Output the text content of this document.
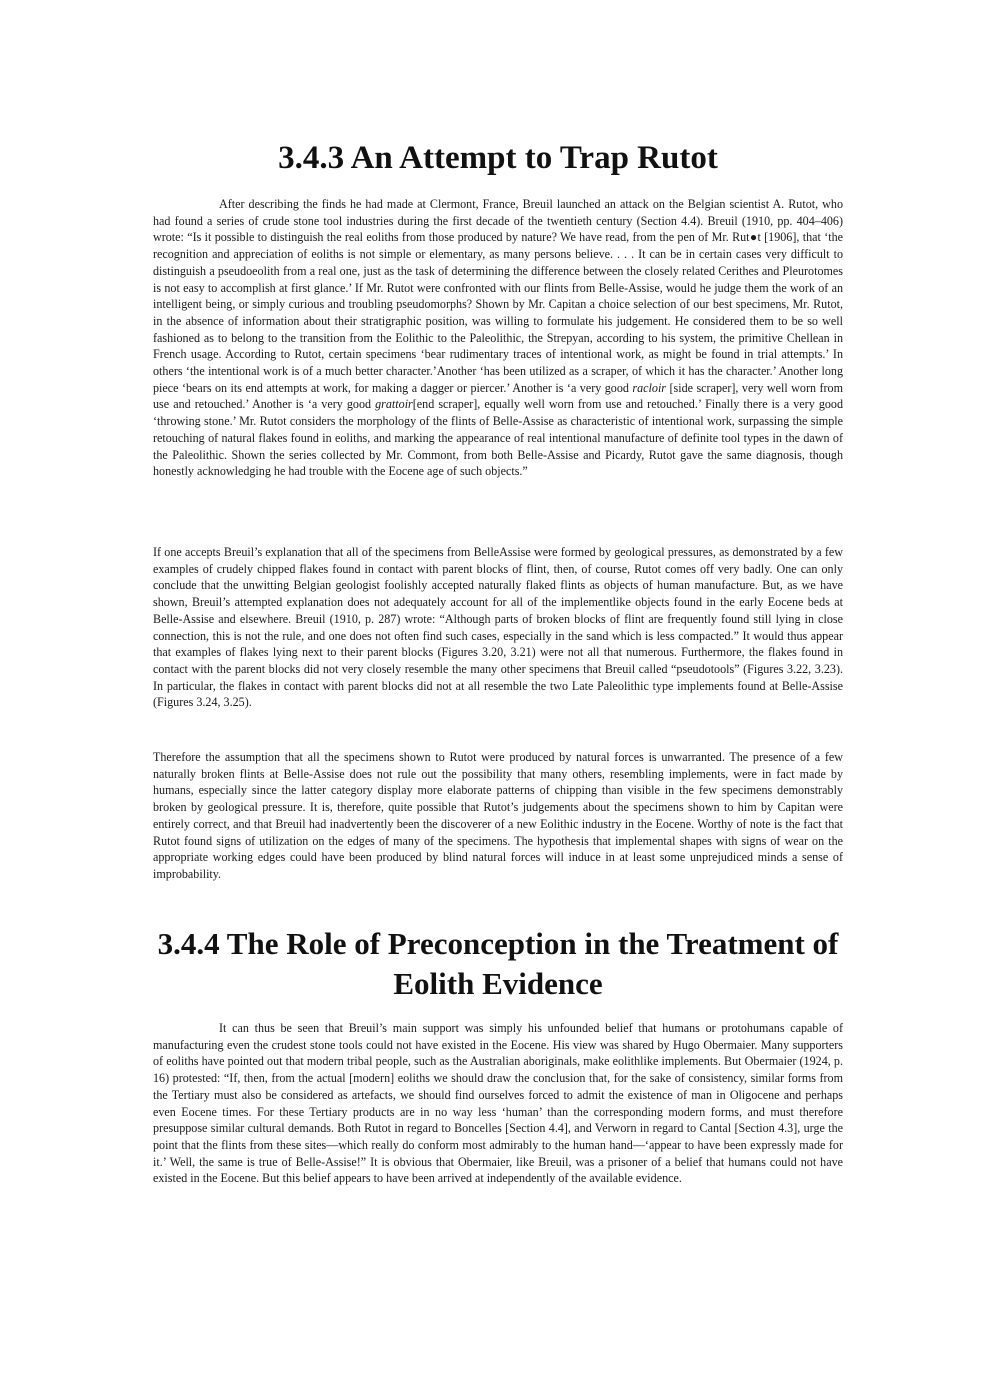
3.4.3 An Attempt to Trap Rutot

After describing the finds he had made at Clermont, France, Breuil launched an attack on the Belgian scientist A. Rutot, who had found a series of crude stone tool industries during the first decade of the twentieth century (Section 4.4). Breuil (1910, pp. 404–406) wrote: “Is it possible to distinguish the real eoliths from those produced by nature? We have read, from the pen of Mr. Rut●t [1906], that ‘the recognition and appreciation of eoliths is not simple or elementary, as many persons believe. . . . It can be in certain cases very difficult to distinguish a pseudoeolith from a real one, just as the task of determining the difference between the closely related Cerithes and Pleurotomes is not easy to accomplish at first glance.’ If Mr. Rutot were confronted with our flints from Belle-Assise, would he judge them the work of an intelligent being, or simply curious and troubling pseudomorphs? Shown by Mr. Capitan a choice selection of our best specimens, Mr. Rutot, in the absence of information about their stratigraphic position, was willing to formulate his judgement. He considered them to be so well fashioned as to belong to the transition from the Eolithic to the Paleolithic, the Strepyan, according to his system, the primitive Chellean in French usage. According to Rutot, certain specimens ‘bear rudimentary traces of intentional work, as might be found in trial attempts.’ In others ‘the intentional work is of a much better character.’Another ‘has been utilized as a scraper, of which it has the character.’ Another long piece ‘bears on its end attempts at work, for making a dagger or piercer.’ Another is ‘a very good racloir [side scraper], very well worn from use and retouched.’ Another is ‘a very good grattoir[end scraper], equally well worn from use and retouched.’ Finally there is a very good ‘throwing stone.’ Mr. Rutot considers the morphology of the flints of Belle-Assise as characteristic of intentional work, surpassing the simple retouching of natural flakes found in eoliths, and marking the appearance of real intentional manufacture of definite tool types in the dawn of the Paleolithic. Shown the series collected by Mr. Commont, from both Belle-Assise and Picardy, Rutot gave the same diagnosis, though honestly acknowledging he had trouble with the Eocene age of such objects.”

If one accepts Breuil’s explanation that all of the specimens from BelleAssise were formed by geological pressures, as demonstrated by a few examples of crudely chipped flakes found in contact with parent blocks of flint, then, of course, Rutot comes off very badly. One can only conclude that the unwitting Belgian geologist foolishly accepted naturally flaked flints as objects of human manufacture. But, as we have shown, Breuil’s attempted explanation does not adequately account for all of the implementlike objects found in the early Eocene beds at Belle-Assise and elsewhere. Breuil (1910, p. 287) wrote: “Although parts of broken blocks of flint are frequently found still lying in close connection, this is not the rule, and one does not often find such cases, especially in the sand which is less compacted.” It would thus appear that examples of flakes lying next to their parent blocks (Figures 3.20, 3.21) were not all that numerous. Furthermore, the flakes found in contact with the parent blocks did not very closely resemble the many other specimens that Breuil called “pseudotools” (Figures 3.22, 3.23). In particular, the flakes in contact with parent blocks did not at all resemble the two Late Paleolithic type implements found at Belle-Assise (Figures 3.24, 3.25).

Therefore the assumption that all the specimens shown to Rutot were produced by natural forces is unwarranted. The presence of a few naturally broken flints at Belle-Assise does not rule out the possibility that many others, resembling implements, were in fact made by humans, especially since the latter category display more elaborate patterns of chipping than visible in the few specimens demonstrably broken by geological pressure. It is, therefore, quite possible that Rutot’s judgements about the specimens shown to him by Capitan were entirely correct, and that Breuil had inadvertently been the discoverer of a new Eolithic industry in the Eocene. Worthy of note is the fact that Rutot found signs of utilization on the edges of many of the specimens. The hypothesis that implemental shapes with signs of wear on the appropriate working edges could have been produced by blind natural forces will induce in at least some unprejudiced minds a sense of improbability.

3.4.4 The Role of Preconception in the Treatment of Eolith Evidence

It can thus be seen that Breuil’s main support was simply his unfounded belief that humans or protohumans capable of manufacturing even the crudest stone tools could not have existed in the Eocene. His view was shared by Hugo Obermaier. Many supporters of eoliths have pointed out that modern tribal people, such as the Australian aboriginals, make eolithlike implements. But Obermaier (1924, p. 16) protested: “If, then, from the actual [modern] eoliths we should draw the conclusion that, for the sake of consistency, similar forms from the Tertiary must also be considered as artefacts, we should find ourselves forced to admit the existence of man in Oligocene and perhaps even Eocene times. For these Tertiary products are in no way less ‘human’ than the corresponding modern forms, and must therefore presuppose similar cultural demands. Both Rutot in regard to Boncelles [Section 4.4], and Verworn in regard to Cantal [Section 4.3], urge the point that the flints from these sites—which really do conform most admirably to the human hand—‘appear to have been expressly made for it.’ Well, the same is true of Belle-Assise!” It is obvious that Obermaier, like Breuil, was a prisoner of a belief that humans could not have existed in the Eocene. But this belief appears to have been arrived at independently of the available evidence.
